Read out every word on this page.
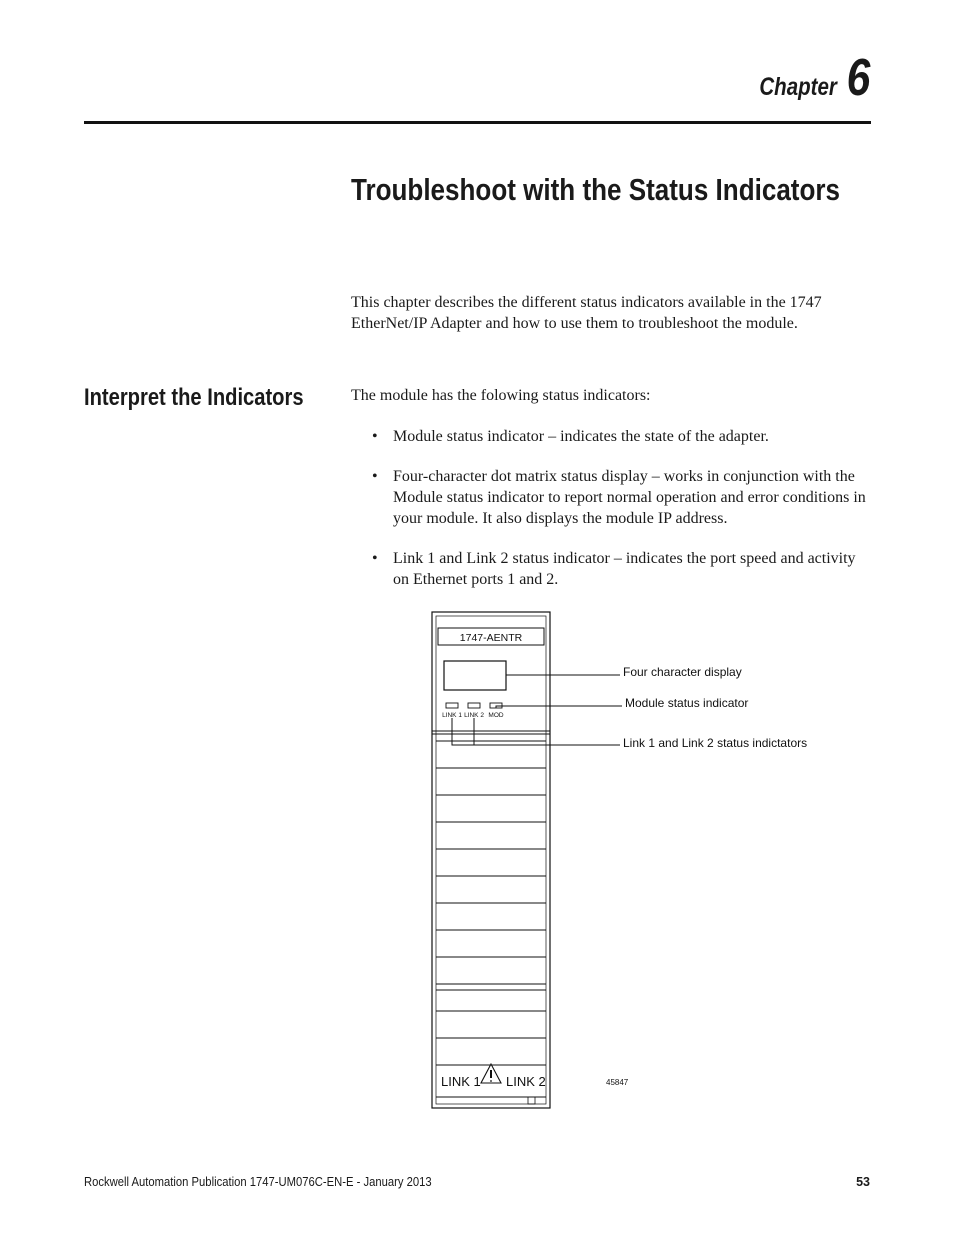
Chapter 6
Troubleshoot with the Status Indicators

This chapter describes the different status indicators available in the 1747 EtherNet/IP Adapter and how to use them to troubleshoot the module.

Interpret the Indicators	The module has the folowing status indicators:

• Module status indicator – indicates the state of the adapter.
• Four-character dot matrix status display – works in conjunction with the Module status indicator to report normal operation and error conditions in your module. It also displays the module IP address.
• Link 1 and Link 2 status indicator – indicates the port speed and activity on Ethernet ports 1 and 2.
1747-AENTR
LINK 1 LINK 2 MOD
LINK 1 LINK 2
Four character display
Module status indicator
Link 1 and Link 2 status indictators
45847
Rockwell Automation Publication 1747-UM076C-EN-E - January 2013	53
